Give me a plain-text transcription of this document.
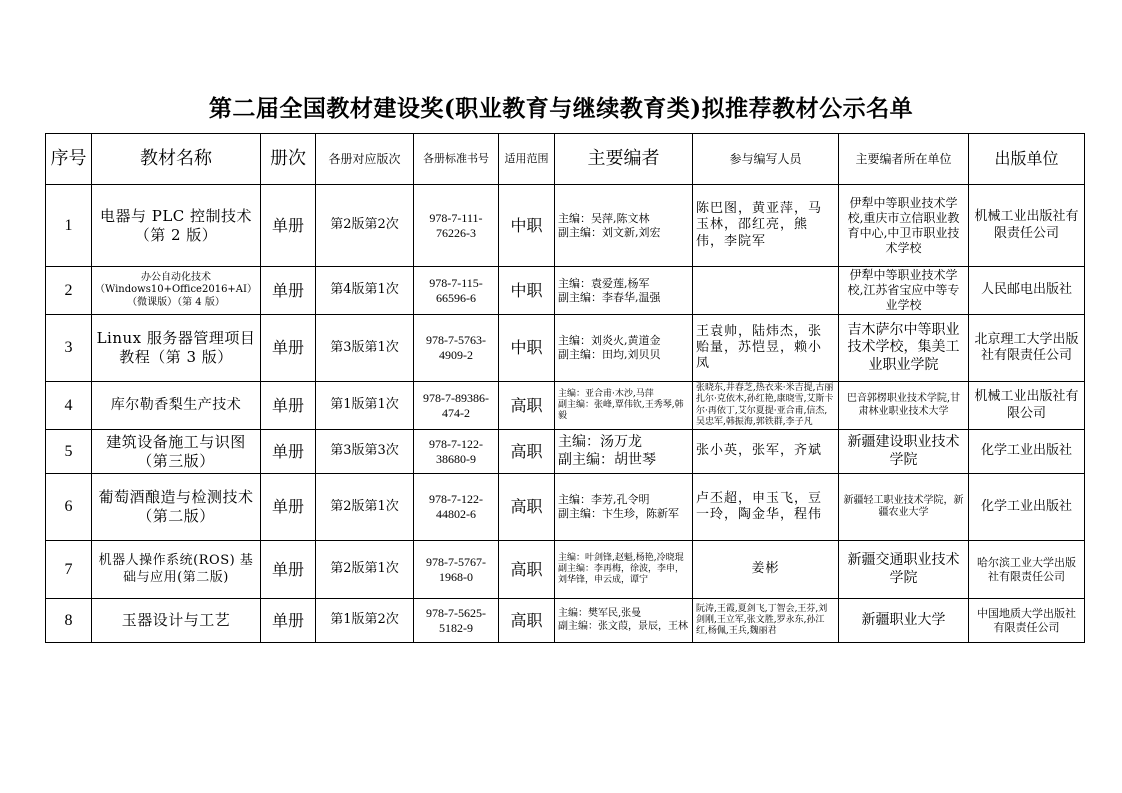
第二届全国教材建设奖(职业教育与继续教育类)拟推荐教材公示名单
序号	教材名称	册次	各册对应版次	各册标准书号	适用范围	主要编者	参与编写人员	主要编者所在单位	出版单位
1	电器与 PLC 控制技术（第 2 版）	单册	第2版第2次	978-7-111-76226-3	中职	主编：吴萍,陈文林
副主编：刘文新,刘宏	陈巴图，黄亚萍，马玉林，邵红亮，熊伟，李院军	伊犁中等职业技术学校,重庆市立信职业教育中心,中卫市职业技术学校	机械工业出版社有限责任公司
2	办公自动化技术
（Windows10+Office2016+AI）
（微课版）（第 4 版）	单册	第4版第1次	978-7-115-66596-6	中职	主编：袁爱莲,杨军
副主编：李春华,温强		伊犁中等职业技术学校,江苏省宝应中等专业学校	人民邮电出版社
3	Linux 服务器管理项目教程（第 3 版）	单册	第3版第1次	978-7-5763-4909-2	中职	主编：刘炎火,黄道金
副主编：田均,刘贝贝	王袁帅，陆炜杰，张贻量，苏恺昱，赖小凤	吉木萨尔中等职业技术学校，集美工业职业学院	北京理工大学出版社有限责任公司
4	库尔勒香梨生产技术	单册	第1版第1次	978-7-89386-474-2	高职	主编：亚合甫·木沙,马萍
副主编：张峰,覃伟钦,王秀琴,韩毅	张晓东,井春芝,热衣来·米吉提,古丽扎尔·克依木,孙红艳,康晓雪,艾斯卡尔·再依丁,艾尔夏提·亚合甫,信杰,吴忠军,韩振海,郭铁群,李子凡	巴音郭楞职业技术学院,甘肃林业职业技术大学	机械工业出版社有限公司
5	建筑设备施工与识图（第三版）	单册	第3版第3次	978-7-122-38680-9	高职	主编：汤万龙
副主编：胡世琴	张小英，张军，齐斌	新疆建设职业技术学院	化学工业出版社
6	葡萄酒酿造与检测技术（第二版）	单册	第2版第1次	978-7-122-44802-6	高职	主编：李芳,孔令明
副主编：卞生珍，陈新军	卢丕超，申玉飞，豆一玲，陶金华，程伟	新疆轻工职业技术学院，新疆农业大学	化学工业出版社
7	机器人操作系统(ROS) 基础与应用(第二版)	单册	第2版第1次	978-7-5767-1968-0	高职	主编：叶剑锋,赵魁,杨艳,冷晓琨
副主编：李再梅，徐波，李申，刘华锋，申云成，谭宁	姜彬	新疆交通职业技术学院	哈尔滨工业大学出版社有限责任公司
8	玉器设计与工艺	单册	第1版第2次	978-7-5625-5182-9	高职	主编：樊军民,张曼
副主编：张文葭，景辰，王林	阮涛,王霞,夏剑飞,丁智会,王芬,刘剑刚,王立军,张文胜,罗永东,孙江红,杨佩,王兵,魏丽君	新疆职业大学	中国地质大学出版社有限责任公司
